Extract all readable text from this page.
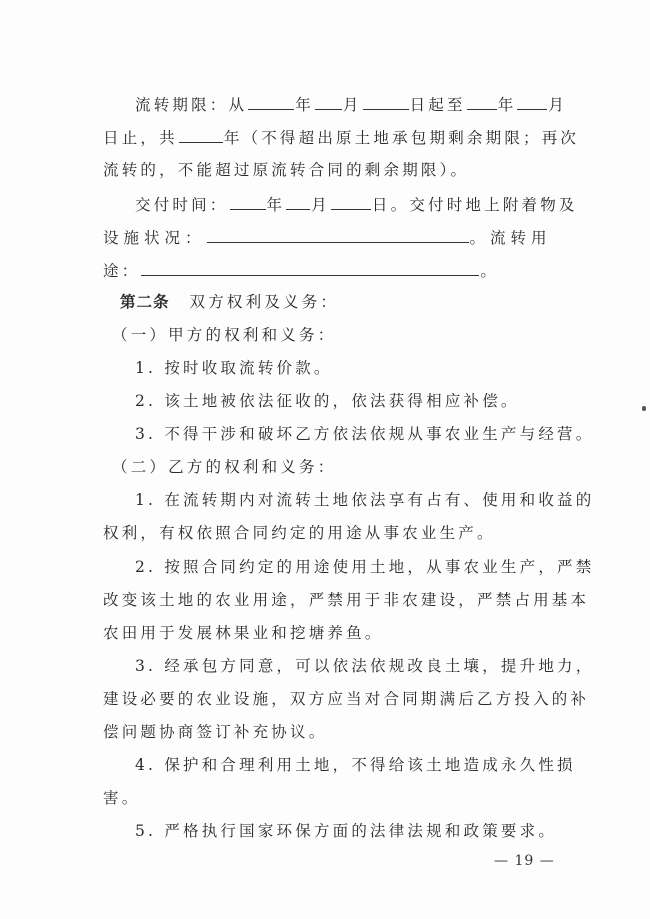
流转期限：从	年 月	日起至 年 月
日止，共	年（不得超出原土地承包期剩余期限；再次
流转的，不能超过原流转合同的剩余期限）。
交付时间： 年 月	日。交付时地上附着物及
设施状况：	。流转用
途：	。
第二条 双方权利及义务：
（一）甲方的权利和义务：
1. 按时收取流转价款。
2. 该土地被依法征收的，依法获得相应补偿。
3. 不得干涉和破坏乙方依法依规从事农业生产与经营。
（二）乙方的权利和义务：
1. 在流转期内对流转土地依法享有占有、使用和收益的
权利，有权依照合同约定的用途从事农业生产。
2. 按照合同约定的用途使用土地，从事农业生产，严禁
改变该土地的农业用途，严禁用于非农建设，严禁占用基本
农田用于发展林果业和挖塘养鱼。
3. 经承包方同意，可以依法依规改良土壤，提升地力，
建设必要的农业设施，双方应当对合同期满后乙方投入的补
偿问题协商签订补充协议。
4. 保护和合理利用土地，不得给该土地造成永久性损
害。
5. 严格执行国家环保方面的法律法规和政策要求。
— 19 —
